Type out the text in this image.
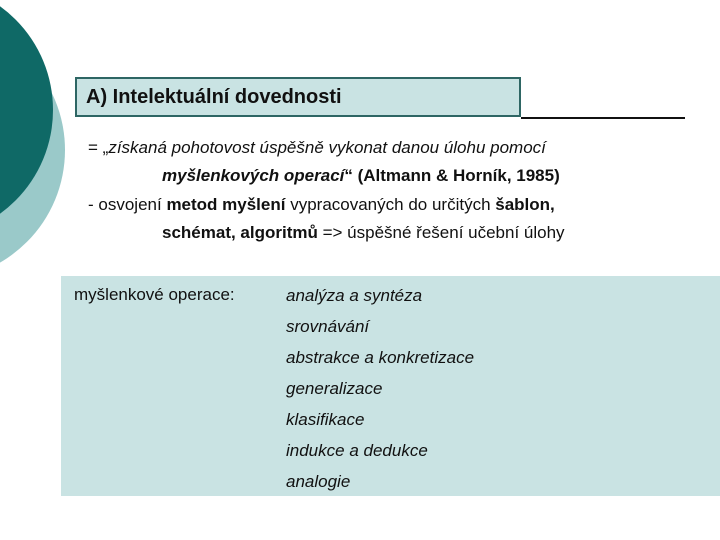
A) Intelektuální dovednosti
= „získaná pohotovost úspěšně vykonat danou úlohu pomocí
myšlenkových operací“ (Altmann & Horník, 1985)
- osvojení metod myšlení vypracovaných do určitých šablon,
schémat, algoritmů => úspěšné řešení učební úlohy
myšlenkové operace:	analýza a syntéza
srovnávání
abstrakce a konkretizace
generalizace
klasifikace
indukce a dedukce
analogie
